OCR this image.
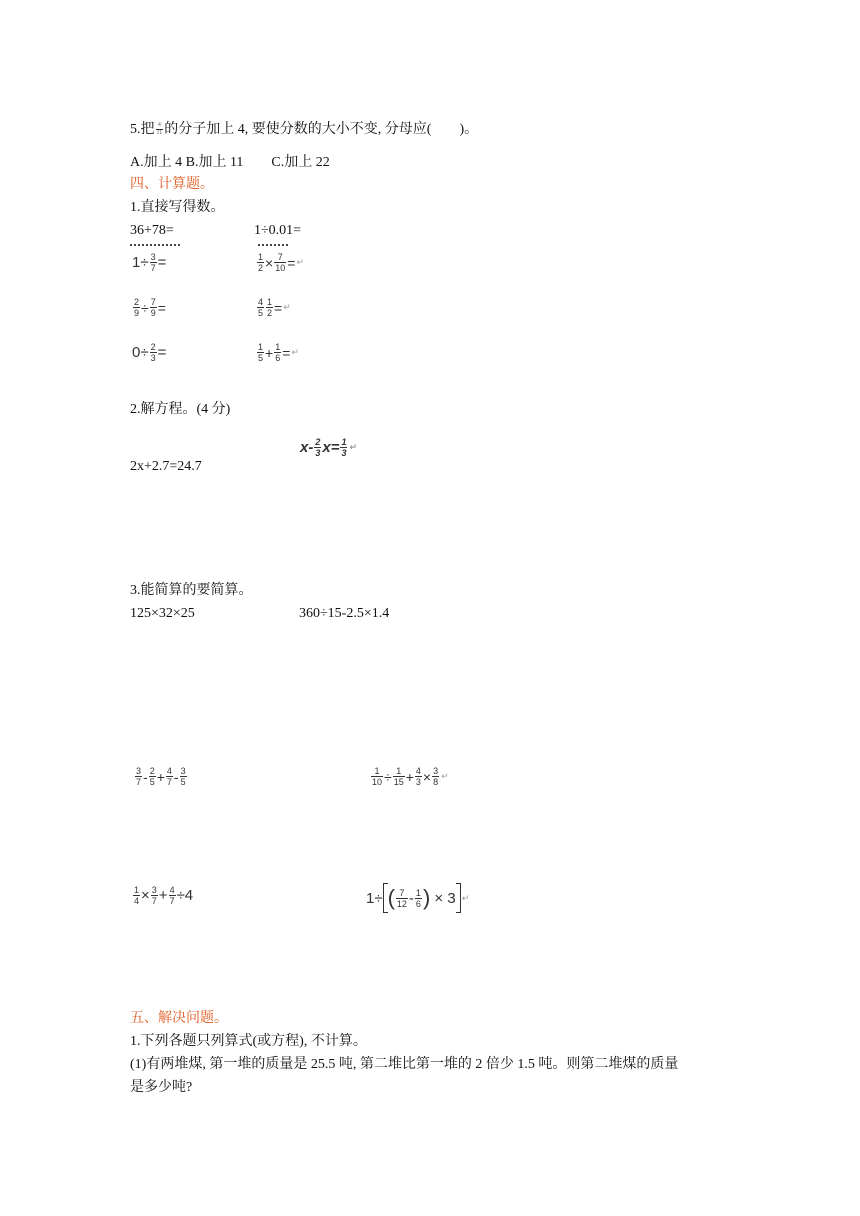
5.把 $\frac{4}{11}$ 的分子加上 4, 要使分数的大小不变, 分母应(　　)。
A.加上 4 B.加上 11　　C.加上 22
四、计算题。
1.直接写得数。
36+78=	1÷0.01=
$1\div \frac{3}{7}$ =	$\frac{1}{2} \times \frac{7}{10}$ = ↵
$\frac{2}{9} \div \frac{7}{9}$ =	$\frac{4}{5} \frac{1}{2}$ = ↵
$0\div \frac{2}{3}$ =	$\frac{1}{5} + \frac{1}{6}$ = ↵
2.解方程。(4 分)
$x- \frac{2}{3} x= \frac{1}{3}$ ↵
2x+2.7=24.7
3.能简算的要简算。
125×32×25	360÷15-2.5×1.4
$\frac{3}{7} - \frac{2}{5} + \frac{4}{7} - \frac{3}{5}$	$\frac{1}{10} \div \frac{1}{15} + \frac{4}{3} \times \frac{3}{8}$ ↵
$\frac{1}{4} \times \frac{3}{7} + \frac{4}{7} \div 4$	1÷ ( $\frac{7}{12} - \frac{1}{6}$ ) × 3 ↵
五、解决问题。
1.下列各题只列算式(或方程), 不计算。
(1)有两堆煤, 第一堆的质量是 25.5 吨, 第二堆比第一堆的 2 倍少 1.5 吨。则第二堆煤的质量
是多少吨?
